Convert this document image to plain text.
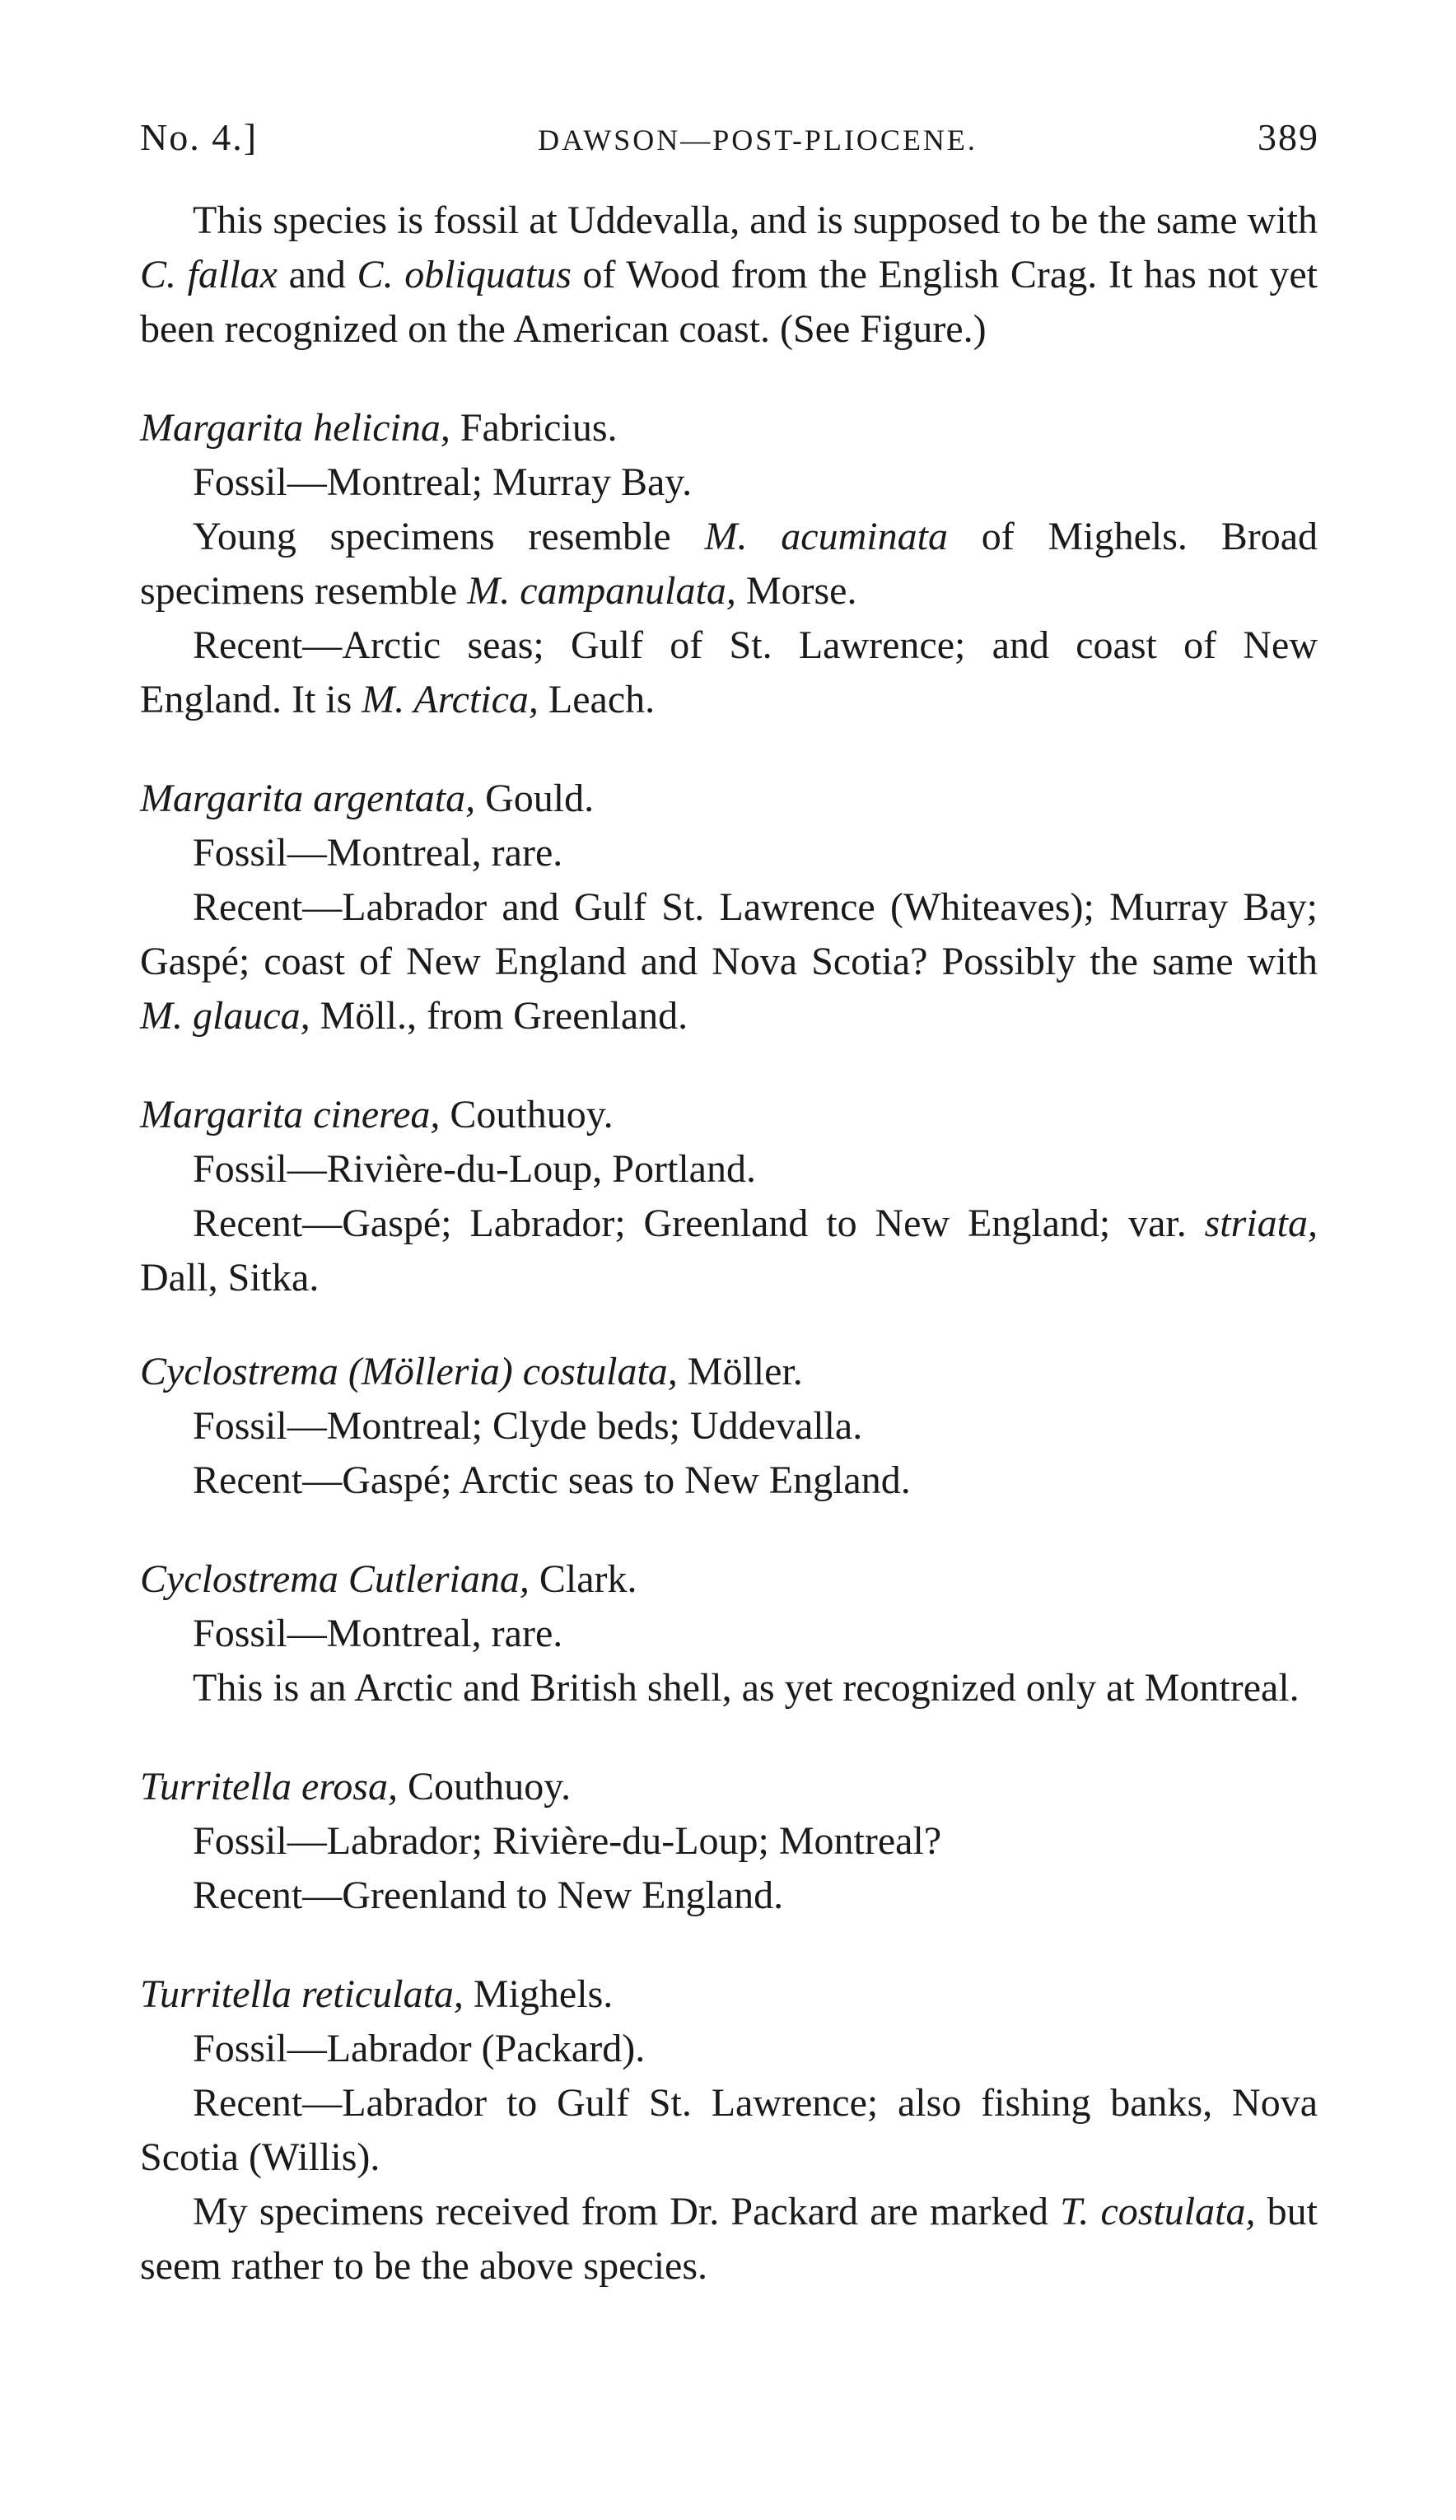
No. 4.]	DAWSON—POST-PLIOCENE.	389

This species is fossil at Uddevalla, and is supposed to be the same with C. fallax and C. obliquatus of Wood from the English Crag. It has not yet been recognized on the American coast. (See Figure.)

Margarita helicina, Fabricius.

Fossil—Montreal; Murray Bay.

Young specimens resemble M. acuminata of Mighels. Broad specimens resemble M. campanulata, Morse.

Recent—Arctic seas; Gulf of St. Lawrence; and coast of New England. It is M. Arctica, Leach.

Margarita argentata, Gould.

Fossil—Montreal, rare.

Recent—Labrador and Gulf St. Lawrence (Whiteaves); Murray Bay; Gaspé; coast of New England and Nova Scotia? Possibly the same with M. glauca, Möll., from Greenland.

Margarita cinerea, Couthuoy.

Fossil—Rivière-du-Loup, Portland.

Recent—Gaspé; Labrador; Greenland to New England; var. striata, Dall, Sitka.

Cyclostrema (Mölleria) costulata, Möller.

Fossil—Montreal; Clyde beds; Uddevalla.

Recent—Gaspé; Arctic seas to New England.

Cyclostrema Cutleriana, Clark.

Fossil—Montreal, rare.

This is an Arctic and British shell, as yet recognized only at Montreal.

Turritella erosa, Couthuoy.

Fossil—Labrador; Rivière-du-Loup; Montreal?

Recent—Greenland to New England.

Turritella reticulata, Mighels.

Fossil—Labrador (Packard).

Recent—Labrador to Gulf St. Lawrence; also fishing banks, Nova Scotia (Willis).

My specimens received from Dr. Packard are marked T. costulata, but seem rather to be the above species.
